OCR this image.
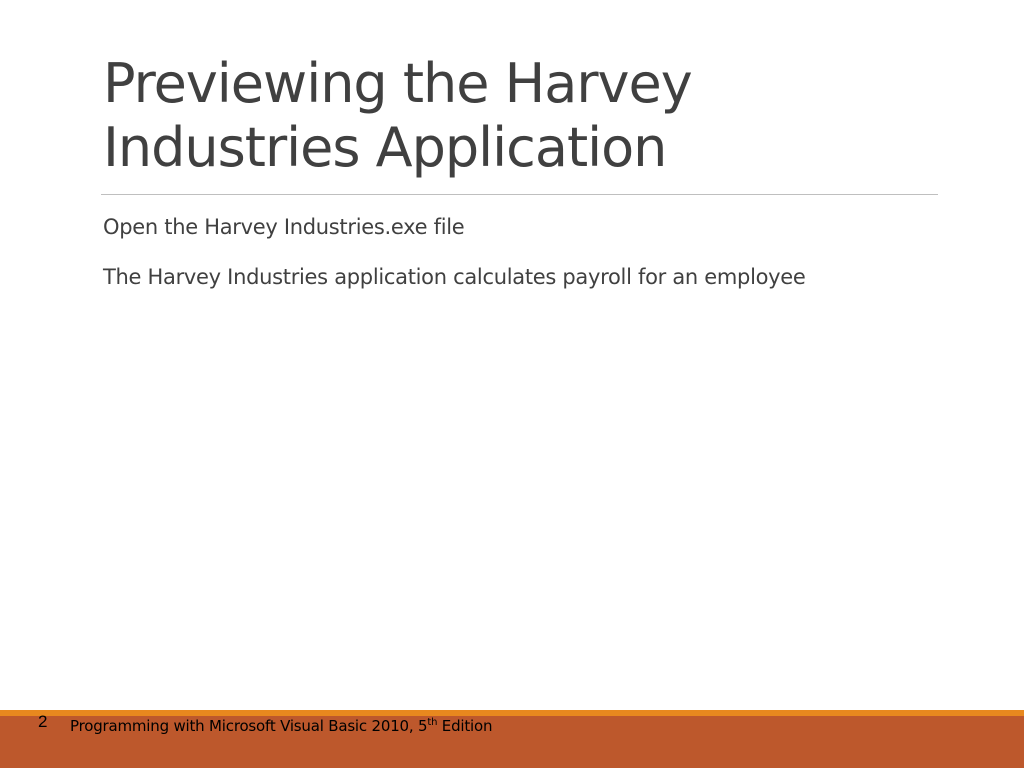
Previewing the Harvey
Industries Application
Open the Harvey Industries.exe file
The Harvey Industries application calculates payroll for an employee
2 Programming with Microsoft Visual Basic 2010, 5th Edition
